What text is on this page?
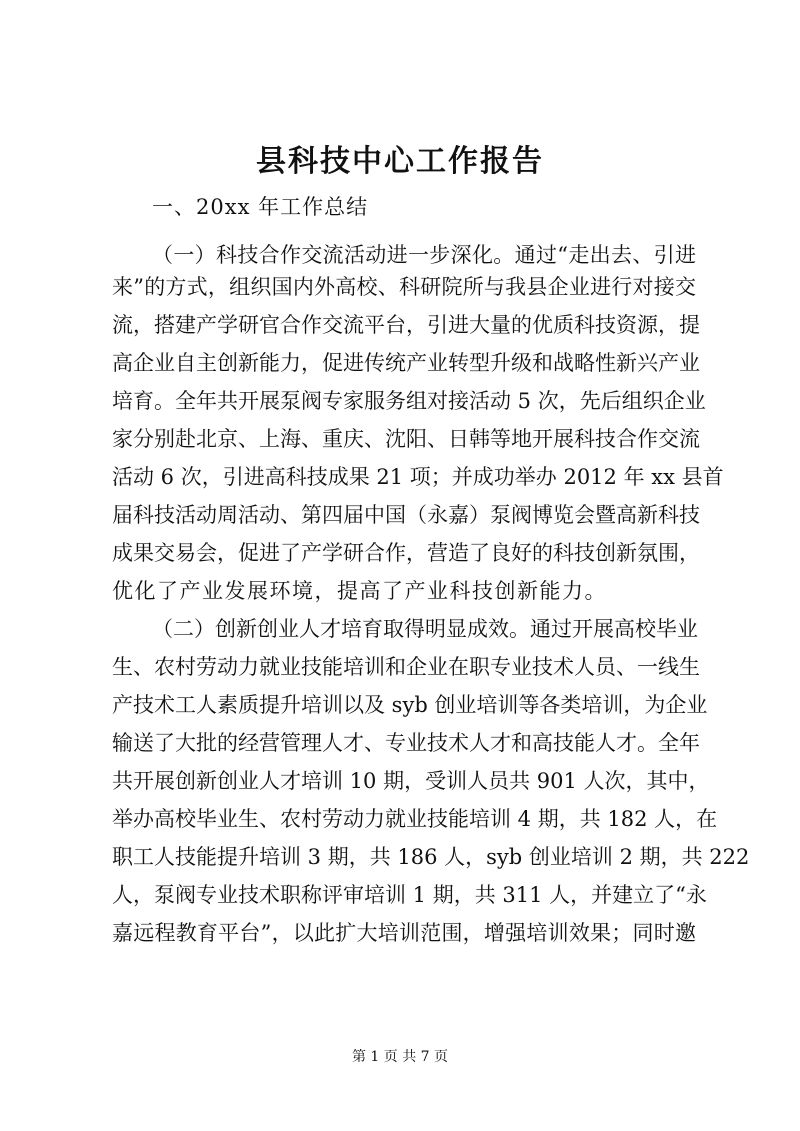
县科技中心工作报告
一、20xx 年工作总结
（一）科技合作交流活动进一步深化。通过“走出去、引进
来”的方式，组织国内外高校、科研院所与我县企业进行对接交
流，搭建产学研官合作交流平台，引进大量的优质科技资源，提
高企业自主创新能力，促进传统产业转型升级和战略性新兴产业
培育。全年共开展泵阀专家服务组对接活动 5 次，先后组织企业
家分别赴北京、上海、重庆、沈阳、日韩等地开展科技合作交流
活动 6 次，引进高科技成果 21 项；并成功举办 2012 年 xx 县首
届科技活动周活动、第四届中国（永嘉）泵阀博览会暨高新科技
成果交易会，促进了产学研合作，营造了良好的科技创新氛围，
优化了产业发展环境，提高了产业科技创新能力。
（二）创新创业人才培育取得明显成效。通过开展高校毕业
生、农村劳动力就业技能培训和企业在职专业技术人员、一线生
产技术工人素质提升培训以及 syb 创业培训等各类培训，为企业
输送了大批的经营管理人才、专业技术人才和高技能人才。全年
共开展创新创业人才培训 10 期，受训人员共 901 人次，其中，
举办高校毕业生、农村劳动力就业技能培训 4 期，共 182 人，在
职工人技能提升培训 3 期，共 186 人，syb 创业培训 2 期，共 222
人，泵阀专业技术职称评审培训 1 期，共 311 人，并建立了“永
嘉远程教育平台”，以此扩大培训范围，增强培训效果；同时邀
第 1 页 共 7 页
